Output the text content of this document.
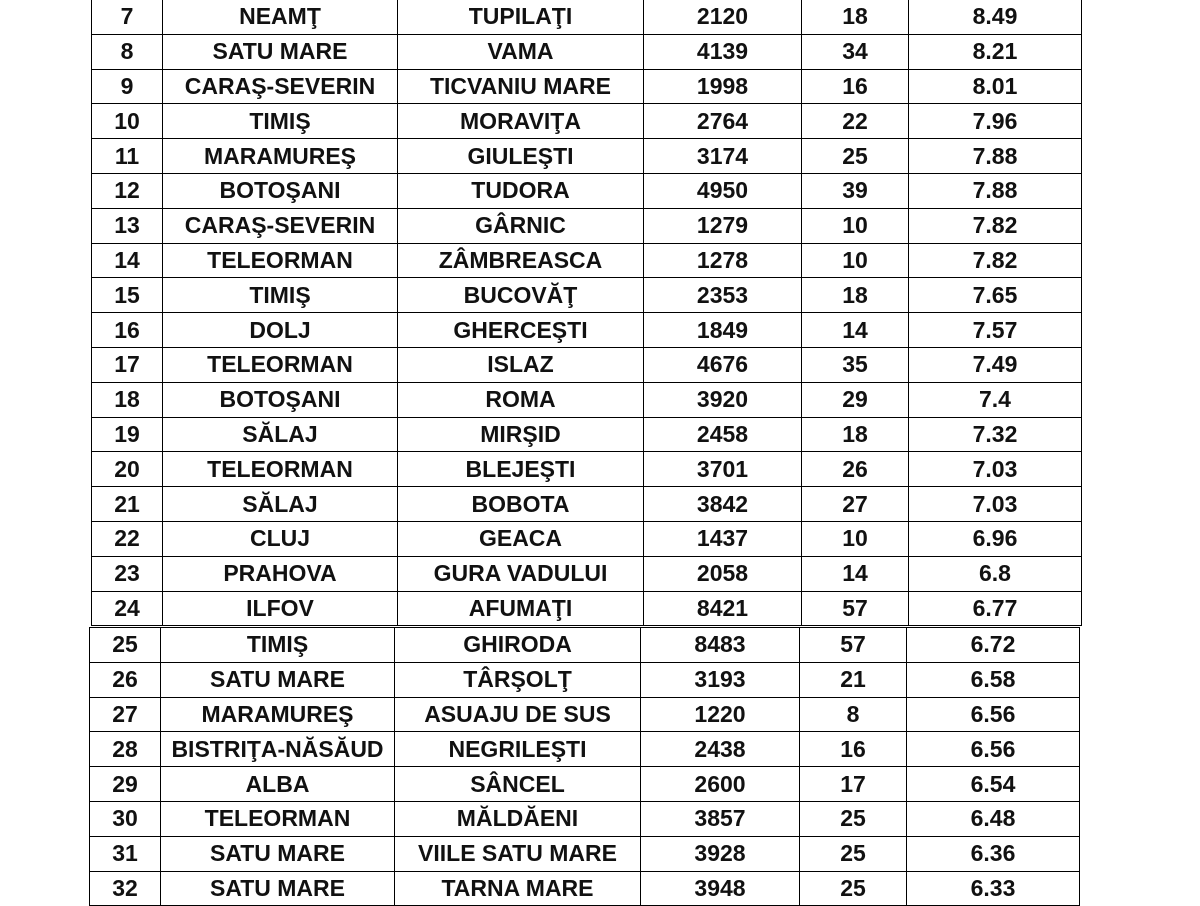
7	NEAMŢ	TUPILAŢI	2120	18	8.49
8	SATU MARE	VAMA	4139	34	8.21
9	CARAŞ-SEVERIN	TICVANIU MARE	1998	16	8.01
10	TIMIŞ	MORAVIŢA	2764	22	7.96
11	MARAMUREŞ	GIULEŞTI	3174	25	7.88
12	BOTOŞANI	TUDORA	4950	39	7.88
13	CARAŞ-SEVERIN	GÂRNIC	1279	10	7.82
14	TELEORMAN	ZÂMBREASCA	1278	10	7.82
15	TIMIŞ	BUCOVĂŢ	2353	18	7.65
16	DOLJ	GHERCEŞTI	1849	14	7.57
17	TELEORMAN	ISLAZ	4676	35	7.49
18	BOTOŞANI	ROMA	3920	29	7.4
19	SĂLAJ	MIRŞID	2458	18	7.32
20	TELEORMAN	BLEJEŞTI	3701	26	7.03
21	SĂLAJ	BOBOTA	3842	27	7.03
22	CLUJ	GEACA	1437	10	6.96
23	PRAHOVA	GURA VADULUI	2058	14	6.8
24	ILFOV	AFUMAŢI	8421	57	6.77
25	TIMIŞ	GHIRODA	8483	57	6.72
26	SATU MARE	TÂRŞOLŢ	3193	21	6.58
27	MARAMUREŞ	ASUAJU DE SUS	1220	8	6.56
28	BISTRIŢA-NĂSĂUD	NEGRILEŞTI	2438	16	6.56
29	ALBA	SÂNCEL	2600	17	6.54
30	TELEORMAN	MĂLDĂENI	3857	25	6.48
31	SATU MARE	VIILE SATU MARE	3928	25	6.36
32	SATU MARE	TARNA MARE	3948	25	6.33
